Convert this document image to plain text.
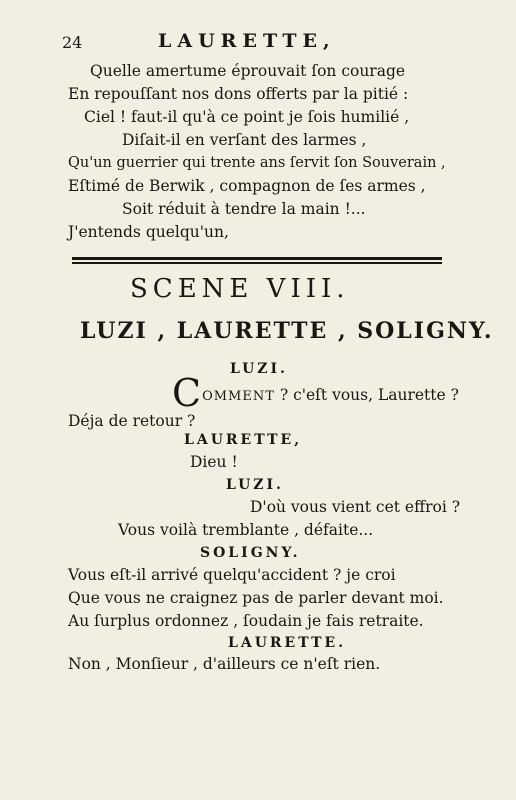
24	LAURETTE,
Quelle amertume éprouvait ſon courage
En repouſſant nos dons offerts par la pitié :
Ciel ! faut-il qu'à ce point je ſois humilié ,
Diſait-il en verſant des larmes ,
Qu'un guerrier qui trente ans ſervit ſon Souverain ,
Eſtimé de Berwik , compagnon de ſes armes ,
Soit réduit à tendre la main !...
J'entends quelqu'un,
SCENE VIII.
LUZI , LAURETTE , SOLIGNY.
LUZI.
COMMENT ? c'eſt vous, Laurette ?
Déja de retour ?
LAURETTE,
Dieu !
LUZI.
D'où vous vient cet effroi ?
Vous voilà tremblante , défaite...
SOLIGNY.
Vous eſt-il arrivé quelqu'accident ? je croi
Que vous ne craignez pas de parler devant moi.
Au ſurplus ordonnez , ſoudain je fais retraite.
LAURETTE.
Non , Monſieur , d'ailleurs ce n'eſt rien.
